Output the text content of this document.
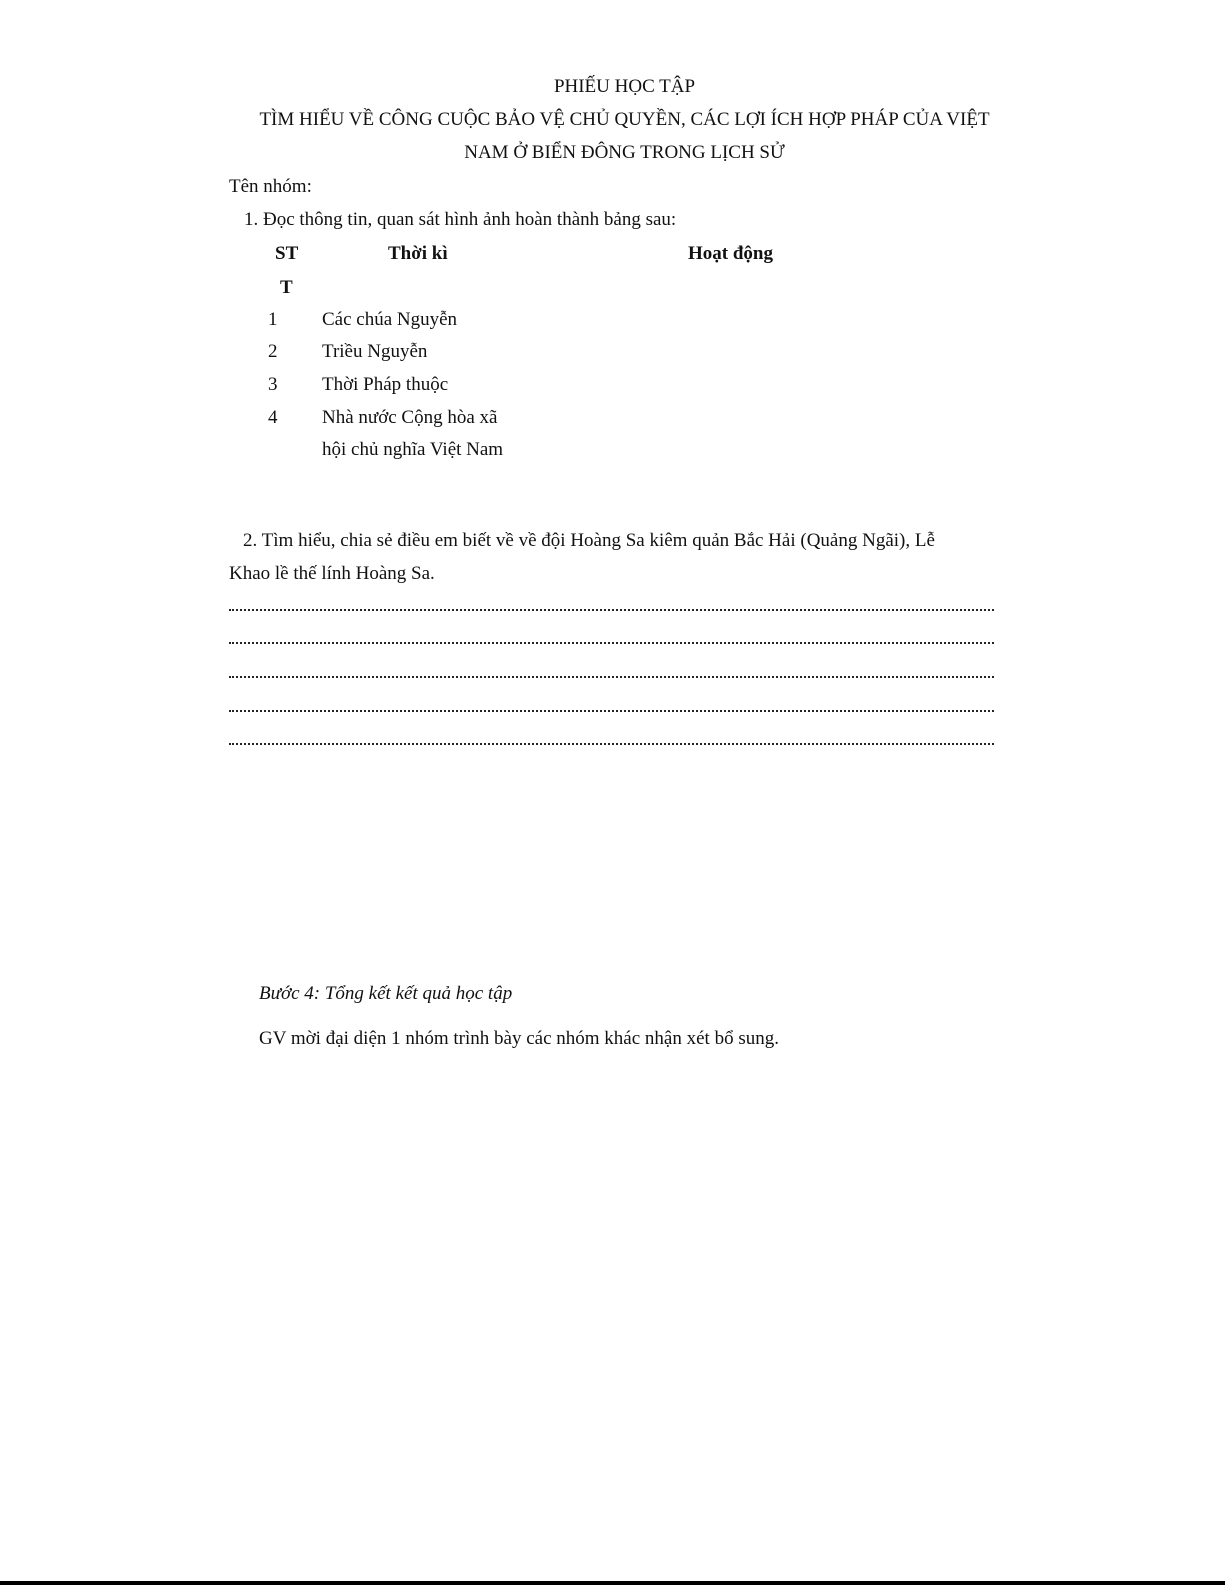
PHIẾU HỌC TẬP
TÌM HIỂU VỀ CÔNG CUỘC BẢO VỆ CHỦ QUYỀN, CÁC LỢI ÍCH HỢP PHÁP CỦA VIỆT
NAM Ở BIỂN ĐÔNG TRONG LỊCH SỬ
Tên nhóm:
1. Đọc thông tin, quan sát hình ảnh hoàn thành bảng sau:
ST
T
Thời kì	Hoạt động
1 Các chúa Nguyễn
2 Triều Nguyễn
3 Thời Pháp thuộc
4 Nhà nước Cộng hòa xã
hội chủ nghĩa Việt Nam
2. Tìm hiểu, chia sẻ điều em biết về về đội Hoàng Sa kiêm quản Bắc Hải (Quảng Ngãi), Lễ
Khao lề thế lính Hoàng Sa.
Bước 4: Tổng kết kết quả học tập
GV mời đại diện 1 nhóm trình bày các nhóm khác nhận xét bổ sung.
